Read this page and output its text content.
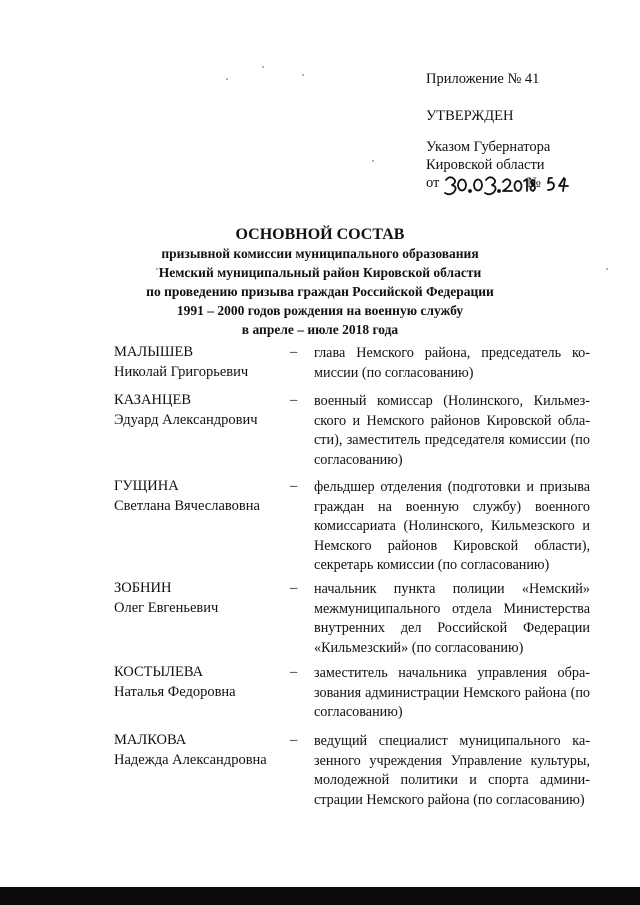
Приложение № 41
УТВЕРЖДЕН
Указом Губернатора
Кировской области
от	№
ОСНОВНОЙ СОСТАВ
призывной комиссии муниципального образования
Немский муниципальный район Кировской области
по проведению призыва граждан Российской Федерации
1991 – 2000 годов рождения на военную службу
в апреле – июле 2018 года
МАЛЫШЕВ
Николай Григорьевич
– глава Немского района, председатель комиссии (по согласованию)

КАЗАНЦЕВ
Эдуард Александрович
– военный комиссар (Нолинского, Кильмезского и Немского районов Кировской области), заместитель председателя комиссии (по согласованию)

ГУЩИНА
Светлана Вячеславовна
– фельдшер отделения (подготовки и призыва граждан на военную службу) военного комиссариата (Нолинского, Кильмезского и Немского районов Кировской области), секретарь комиссии (по согласованию)

ЗОБНИН
Олег Евгеньевич
– начальник пункта полиции «Немский» межмуниципального отдела Министерства внутренних дел Российской Федерации «Кильмезский» (по согласованию)

КОСТЫЛЕВА
Наталья Федоровна
– заместитель начальника управления образования администрации Немского района (по согласованию)

МАЛКОВА
Надежда Александровна
– ведущий специалист муниципального казенного учреждения Управление культуры, молодежной политики и спорта администрации Немского района (по согласованию)
